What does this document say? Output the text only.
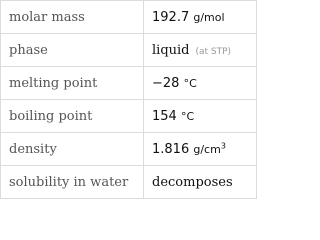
molar mass	192.7 g/mol
phase	liquid (at STP)
melting point	−28 °C
boiling point	154 °C
density	1.816 $g/cm^3$
solubility in water	decomposes
